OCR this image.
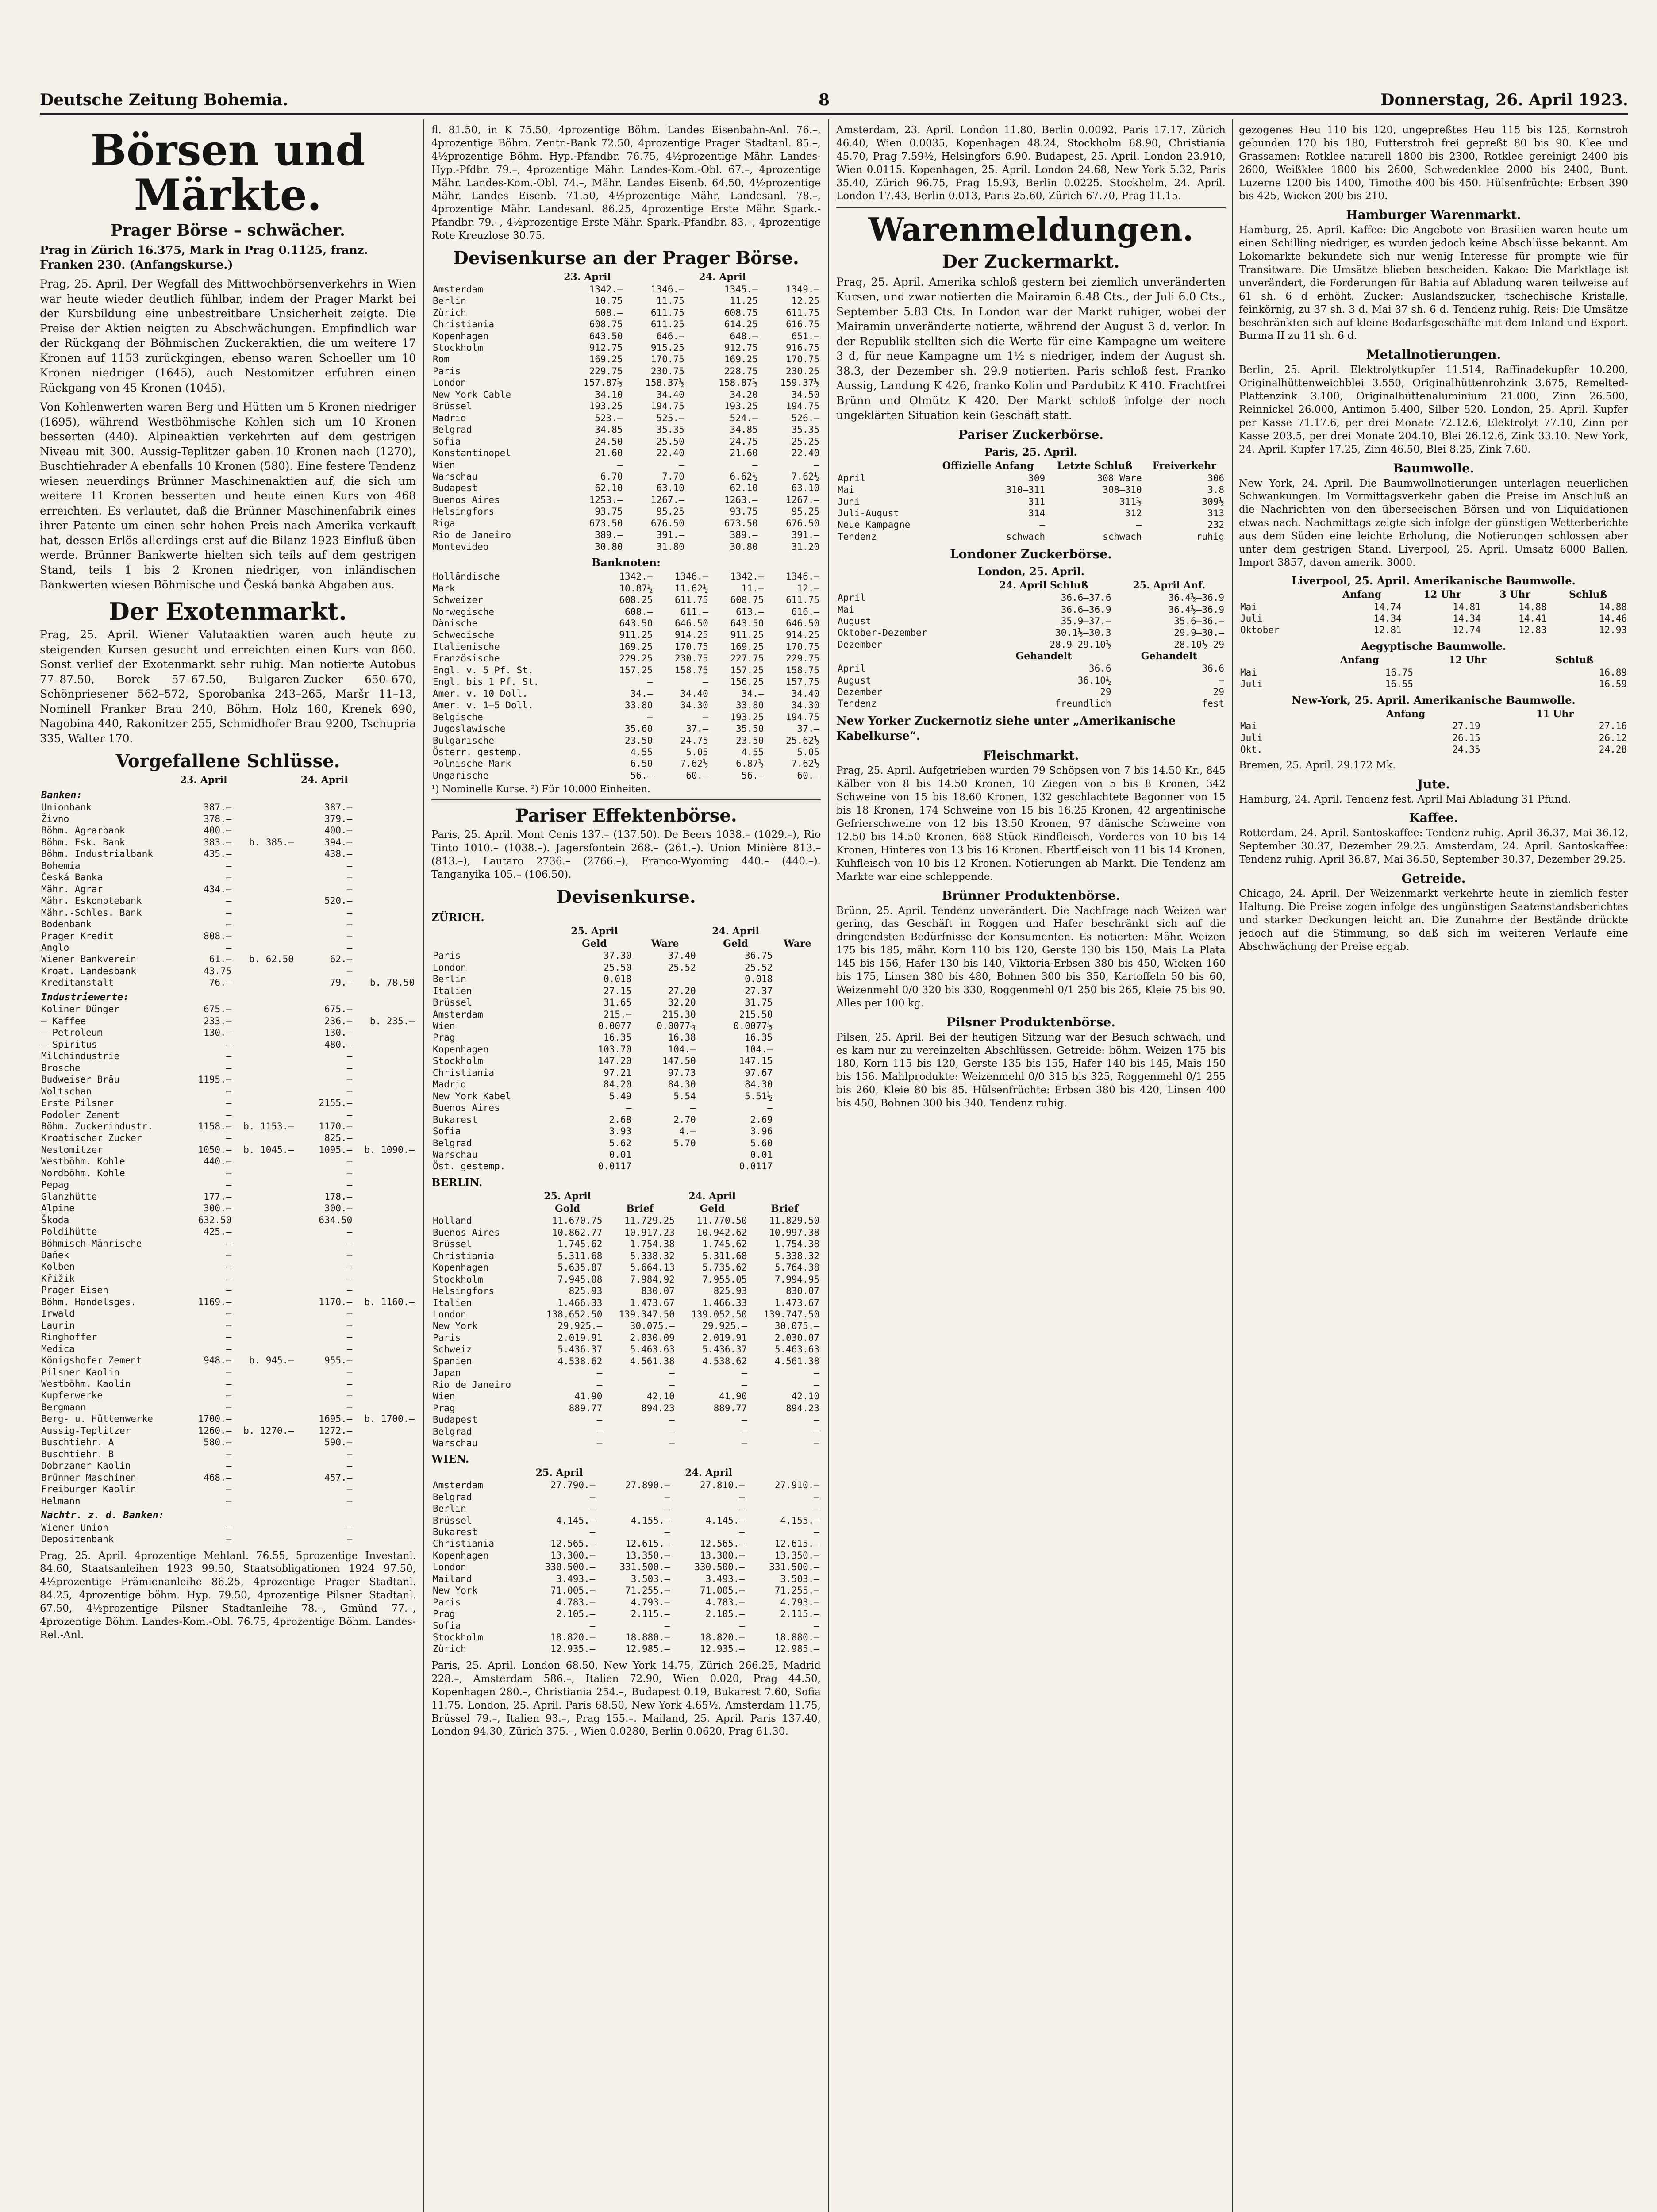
Deutsche Zeitung Bohemia.	8	Donnerstag, 26. April 1923.
Börsen und Märkte.
Prager Börse – schwächer.
Prag in Zürich 16.375, Mark in Prag 0.1125, franz. Franken 230. (Anfangskurse.)

Prag, 25. April. Der Wegfall des Mittwochbörsenverkehrs in Wien war heute wieder deutlich fühlbar, indem der Prager Markt bei der Kursbildung eine unbestreitbare Unsicherheit zeigte. Die Preise der Aktien neigten zu Abschwächungen. Empfindlich war der Rückgang der Böhmischen Zuckeraktien, die um weitere 17 Kronen auf 1153 zurückgingen, ebenso waren Schoeller um 10 Kronen niedriger (1645), auch Nestomitzer erfuhren einen Rückgang von 45 Kronen (1045).

Von Kohlenwerten waren Berg und Hütten um 5 Kronen niedriger (1695), während Westböhmische Kohlen sich um 10 Kronen besserten (440). Alpineaktien verkehrten auf dem gestrigen Niveau mit 300. Aussig-Teplitzer gaben 10 Kronen nach (1270), Buschtiehrader A ebenfalls 10 Kronen (580). Eine festere Tendenz wiesen neuerdings Brünner Maschinenaktien auf, die sich um weitere 11 Kronen besserten und heute einen Kurs von 468 erreichten. Es verlautet, daß die Brünner Maschinenfabrik eines ihrer Patente um einen sehr hohen Preis nach Amerika verkauft hat, dessen Erlös allerdings erst auf die Bilanz 1923 Einfluß üben werde. Brünner Bankwerte hielten sich teils auf dem gestrigen Stand, teils 1 bis 2 Kronen niedriger, von inländischen Bankwerten wiesen Böhmische und Česká banka Abgaben aus.

Der Exotenmarkt.

Prag, 25. April. Wiener Valutaaktien waren auch heute zu steigenden Kursen gesucht und erreichten einen Kurs von 860. Sonst verlief der Exotenmarkt sehr ruhig. Man notierte Autobus 77–87.50, Borek 57–67.50, Bulgaren-Zucker 650–670, Schönpriesener 562–572, Sporobanka 243–265, Maršr 11–13, Nominell Franker Brau 240, Böhm. Holz 160, Krenek 690, Nagobina 440, Rakonitzer 255, Schmidhofer Brau 9200, Tschupria 335, Walter 170.

Vorgefallene Schlüsse.
	23. April		24. April	
Banken:				
Unionbank	387.–		387.–	
Živno	378.–		379.–	
Böhm. Agrarbank	400.–		400.–	
Böhm. Esk. Bank	383.–	b. 385.–	394.–	
Böhm. Industrialbank	435.–		438.–	
Bohemia	–		–	
Česká Banka	–		–	
Mähr. Agrar	434.–		–	
Mähr. Eskomptebank	–		520.–	
Mähr.-Schles. Bank	–		–	
Bodenbank	–		–	
Prager Kredit	808.–		–	
Anglo	–		–	
Wiener Bankverein	61.–	b. 62.50	62.–	
Kroat. Landesbank	43.75		–	
Kreditanstalt	76.–		79.–	b. 78.50
Industriewerte:				
Koliner Dünger	675.–		675.–	
— Kaffee	233.–		236.–	b. 235.–
— Petroleum	130.–		130.–	
— Spiritus	–		480.–	
Milchindustrie	–		–	
Brosche	–		–	
Budweiser Bräu	1195.–		–	
Woltschan	–		–	
Erste Pilsner	–		2155.–	
Podoler Zement	–		–	
Böhm. Zuckerindustr.	1158.–	b. 1153.–	1170.–	
Kroatischer Zucker	–		825.–	
Nestomitzer	1050.–	b. 1045.–	1095.–	b. 1090.–
Westböhm. Kohle	440.–		–	
Nordböhm. Kohle	–		–	
Pepag	–		–	
Glanzhütte	177.–		178.–	
Alpine	300.–		300.–	
Škoda	632.50		634.50	
Poldihütte	425.–		–	
Böhmisch-Mährische	–		–	
Daňek	–		–	
Kolben	–		–	
Křižik	–		–	
Prager Eisen	–		–	
Böhm. Handelsges.	1169.–		1170.–	b. 1160.–
Irwald	–		–	
Laurin	–		–	
Ringhoffer	–		–	
Medica	–		–	
Königshofer Zement	948.–	b. 945.–	955.–	
Pilsner Kaolin	–		–	
Westböhm. Kaolin	–		–	
Kupferwerke	–		–	
Bergmann	–		–	
Berg- u. Hüttenwerke	1700.–		1695.–	b. 1700.–
Aussig-Teplitzer	1260.–	b. 1270.–	1272.–	
Buschtiehr. A	580.–		590.–	
Buschtiehr. B	–		–	
Dobrzaner Kaolin	–		–	
Brünner Maschinen	468.–		457.–	
Freiburger Kaolin	–		–	
Helmann	–		–	
Nachtr. z. d. Banken:				
Wiener Union	–		–	
Depositenbank	–		–	

Prag, 25. April. 4prozentige Mehlanl. 76.55, 5prozentige Investanl. 84.60, Staatsanleihen 1923 99.50, Staatsobligationen 1924 97.50, 4½prozentige Prämienanleihe 86.25, 4prozentige Prager Stadtanl. 84.25, 4prozentige böhm. Hyp. 79.50, 4prozentige Pilsner Stadtanl. 67.50, 4½prozentige Pilsner Stadtanleihe 78.–, Gmünd 77.–, 4prozentige Böhm. Landes-Kom.-Obl. 76.75, 4prozentige Böhm. Landes-Rel.-Anl.

fl. 81.50, in K 75.50, 4prozentige Böhm. Landes Eisenbahn-Anl. 76.–, 4prozentige Böhm. Zentr.-Bank 72.50, 4prozentige Prager Stadtanl. 85.–, 4½prozentige Böhm. Hyp.-Pfandbr. 76.75, 4½prozentige Mähr. Landes-Hyp.-Pfdbr. 79.–, 4prozentige Mähr. Landes-Kom.-Obl. 67.–, 4prozentige Mähr. Landes-Kom.-Obl. 74.–, Mähr. Landes Eisenb. 64.50, 4½prozentige Mähr. Landes Eisenb. 71.50, 4½prozentige Mähr. Landesanl. 78.–, 4prozentige Mähr. Landesanl. 86.25, 4prozentige Erste Mähr. Spark.-Pfandbr. 79.–, 4½prozentige Erste Mähr. Spark.-Pfandbr. 83.–, 4prozentige Rote Kreuzlose 30.75.

Devisenkurse an der Prager Börse.
	23. April		24. April	
Amsterdam	1342.–	1346.–	1345.–	1349.–
Berlin	10.75	11.75	11.25	12.25
Zürich	608.–	611.75	608.75	611.75
Christiania	608.75	611.25	614.25	616.75
Kopenhagen	643.50	646.–	648.–	651.–
Stockholm	912.75	915.25	912.75	916.75
Rom	169.25	170.75	169.25	170.75
Paris	229.75	230.75	228.75	230.25
London	157.87½	158.37½	158.87½	159.37½
New York Cable	34.10	34.40	34.20	34.50
Brüssel	193.25	194.75	193.25	194.75
Madrid	523.–	525.–	524.–	526.–
Belgrad	34.85	35.35	34.85	35.35
Sofia	24.50	25.50	24.75	25.25
Konstantinopel	21.60	22.40	21.60	22.40
Wien	–	–	–	–
Warschau	6.70	7.70	6.62½	7.62½
Budapest	62.10	63.10	62.10	63.10
Buenos Aires	1253.–	1267.–	1263.–	1267.–
Helsingfors	93.75	95.25	93.75	95.25
Riga	673.50	676.50	673.50	676.50
Rio de Janeiro	389.–	391.–	389.–	391.–
Montevideo	30.80	31.80	30.80	31.20
Banknoten:
Holländische	1342.–	1346.–	1342.–	1346.–
Mark	10.87½	11.62½	11.–	12.–
Schweizer	608.25	611.75	608.75	611.75
Norwegische	608.–	611.–	613.–	616.–
Dänische	643.50	646.50	643.50	646.50
Schwedische	911.25	914.25	911.25	914.25
Italienische	169.25	170.75	169.25	170.75
Französische	229.25	230.75	227.75	229.75
Engl. v. 5 Pf. St.	157.25	158.75	157.25	158.75
Engl. bis 1 Pf. St.	–	–	156.25	157.75
Amer. v. 10 Doll.	34.–	34.40	34.–	34.40
Amer. v. 1–5 Doll.	33.80	34.30	33.80	34.30
Belgische	–	–	193.25	194.75
Jugoslawische	35.60	37.–	35.50	37.–
Bulgarische	23.50	24.75	23.50	25.62½
Österr. gestemp.	4.55	5.05	4.55	5.05
Polnische Mark	6.50	7.62½	6.87½	7.62½
Ungarische	56.–	60.–	56.–	60.–
¹) Nominelle Kurse. ²) Für 10.000 Einheiten.
Pariser Effektenbörse.

Paris, 25. April. Mont Cenis 137.– (137.50). De Beers 1038.– (1029.–), Rio Tinto 1010.– (1038.–). Jagersfontein 268.– (261.–). Union Minière 813.– (813.–), Lautaro 2736.– (2766.–), Franco-Wyoming 440.– (440.–). Tanganyika 105.– (106.50).

Devisenkurse.
ZÜRICH.
	25. April		24. April	
	Geld	Ware	Geld	Ware
Paris	37.30	37.40	36.75	
London	25.50	25.52	25.52	
Berlin	0.018		0.018	
Italien	27.15	27.20	27.37	
Brüssel	31.65	32.20	31.75	
Amsterdam	215.–	215.30	215.50	
Wien	0.0077	0.0077¼	0.0077½	
Prag	16.35	16.38	16.35	
Kopenhagen	103.70	104.–	104.–	
Stockholm	147.20	147.50	147.15	
Christiania	97.21	97.73	97.67	
Madrid	84.20	84.30	84.30	
New York Kabel	5.49	5.54	5.51½	
Buenos Aires	–	–	–	
Bukarest	2.68	2.70	2.69	
Sofia	3.93	4.–	3.96	
Belgrad	5.62	5.70	5.60	
Warschau	0.01		0.01	
Öst. gestemp.	0.0117		0.0117	
BERLIN.
	25. April		24. April	
	Gold	Brief	Geld	Brief
Holland	11.670.75	11.729.25	11.770.50	11.829.50
Buenos Aires	10.862.77	10.917.23	10.942.62	10.997.38
Brüssel	1.745.62	1.754.38	1.745.62	1.754.38
Christiania	5.311.68	5.338.32	5.311.68	5.338.32
Kopenhagen	5.635.87	5.664.13	5.735.62	5.764.38
Stockholm	7.945.08	7.984.92	7.955.05	7.994.95
Helsingfors	825.93	830.07	825.93	830.07
Italien	1.466.33	1.473.67	1.466.33	1.473.67
London	138.652.50	139.347.50	139.052.50	139.747.50
New York	29.925.–	30.075.–	29.925.–	30.075.–
Paris	2.019.91	2.030.09	2.019.91	2.030.07
Schweiz	5.436.37	5.463.63	5.436.37	5.463.63
Spanien	4.538.62	4.561.38	4.538.62	4.561.38
Japan	–	–	–	–
Rio de Janeiro	–	–	–	–
Wien	41.90	42.10	41.90	42.10
Prag	889.77	894.23	889.77	894.23
Budapest	–	–	–	–
Belgrad	–	–	–	–
Warschau	–	–	–	–
WIEN.
	25. April		24. April	
Amsterdam	27.790.–	27.890.–	27.810.–	27.910.–
Belgrad	–	–	–	–
Berlin	–	–	–	–
Brüssel	4.145.–	4.155.–	4.145.–	4.155.–
Bukarest	–	–	–	–
Christiania	12.565.–	12.615.–	12.565.–	12.615.–
Kopenhagen	13.300.–	13.350.–	13.300.–	13.350.–
London	330.500.–	331.500.–	330.500.–	331.500.–
Mailand	3.493.–	3.503.–	3.493.–	3.503.–
New York	71.005.–	71.255.–	71.005.–	71.255.–
Paris	4.783.–	4.793.–	4.783.–	4.793.–
Prag	2.105.–	2.115.–	2.105.–	2.115.–
Sofia	–	–	–	–
Stockholm	18.820.–	18.880.–	18.820.–	18.880.–
Zürich	12.935.–	12.985.–	12.935.–	12.985.–

Paris, 25. April. London 68.50, New York 14.75, Zürich 266.25, Madrid 228.–, Amsterdam 586.–, Italien 72.90, Wien 0.020, Prag 44.50, Kopenhagen 280.–, Christiania 254.–, Budapest 0.19, Bukarest 7.60, Sofia 11.75. London, 25. April. Paris 68.50, New York 4.65½, Amsterdam 11.75, Brüssel 79.–, Italien 93.–, Prag 155.–. Mailand, 25. April. Paris 137.40, London 94.30, Zürich 375.–, Wien 0.0280, Berlin 0.0620, Prag 61.30.

Amsterdam, 23. April. London 11.80, Berlin 0.0092, Paris 17.17, Zürich 46.40, Wien 0.0035, Kopenhagen 48.24, Stockholm 68.90, Christiania 45.70, Prag 7.59½, Helsingfors 6.90. Budapest, 25. April. London 23.910, Wien 0.0115. Kopenhagen, 25. April. London 24.68, New York 5.32, Paris 35.40, Zürich 96.75, Prag 15.93, Berlin 0.0225. Stockholm, 24. April. London 17.43, Berlin 0.013, Paris 25.60, Zürich 67.70, Prag 11.15.

Warenmeldungen.
Der Zuckermarkt.

Prag, 25. April. Amerika schloß gestern bei ziemlich unveränderten Kursen, und zwar notierten die Mairamin 6.48 Cts., der Juli 6.0 Cts., September 5.83 Cts. In London war der Markt ruhiger, wobei der Mairamin unveränderte notierte, während der August 3 d. verlor. In der Republik stellten sich die Werte für eine Kampagne um weitere 3 d, für neue Kampagne um 1½ s niedriger, indem der August sh. 38.3, der Dezember sh. 29.9 notierten. Paris schloß fest. Franko Aussig, Landung K 426, franko Kolin und Pardubitz K 410. Frachtfrei Brünn und Olmütz K 420. Der Markt schloß infolge der noch ungeklärten Situation kein Geschäft statt.

Pariser Zuckerbörse.
Paris, 25. April.
	Offizielle Anfang	Letzte Schluß	Freiverkehr
April	309	308 Ware	306
Mai	310–311	308–310	3.8
Juni	311	311½	309½
Juli-August	314	312	313
Neue Kampagne	–	–	232
Tendenz	schwach	schwach	ruhig
Londoner Zuckerbörse.
London, 25. April.
	24. April Schluß	25. April Anf.
April	36.6–37.6	36.4½–36.9
Mai	36.6–36.9	36.4½–36.9
August	35.9–37.–	35.6–36.–
Oktober-Dezember	30.1½–30.3	29.9–30.–
Dezember	28.9–29.10½	28.10½–29
	Gehandelt	Gehandelt
April	36.6	36.6
August	36.10½	–
Dezember	29	29
Tendenz	freundlich	fest
New Yorker Zuckernotiz siehe unter „Amerikanische Kabelkurse“.
Fleischmarkt.

Prag, 25. April. Aufgetrieben wurden 79 Schöpsen von 7 bis 14.50 Kr., 845 Kälber von 8 bis 14.50 Kronen, 10 Ziegen von 5 bis 8 Kronen, 342 Schweine von 15 bis 18.60 Kronen, 132 geschlachtete Bagonner von 15 bis 18 Kronen, 174 Schweine von 15 bis 16.25 Kronen, 42 argentinische Gefrierschweine von 12 bis 13.50 Kronen, 97 dänische Schweine von 12.50 bis 14.50 Kronen, 668 Stück Rindfleisch, Vorderes von 10 bis 14 Kronen, Hinteres von 13 bis 16 Kronen. Ebertfleisch von 11 bis 14 Kronen, Kuhfleisch von 10 bis 12 Kronen. Notierungen ab Markt. Die Tendenz am Markte war eine schleppende.

Brünner Produktenbörse.

Brünn, 25. April. Tendenz unverändert. Die Nachfrage nach Weizen war gering, das Geschäft in Roggen und Hafer beschränkt sich auf die dringendsten Bedürfnisse der Konsumenten. Es notierten: Mähr. Weizen 175 bis 185, mähr. Korn 110 bis 120, Gerste 130 bis 150, Mais La Plata 145 bis 156, Hafer 130 bis 140, Viktoria-Erbsen 380 bis 450, Wicken 160 bis 175, Linsen 380 bis 480, Bohnen 300 bis 350, Kartoffeln 50 bis 60, Weizenmehl 0/0 320 bis 330, Roggenmehl 0/1 250 bis 265, Kleie 75 bis 90. Alles per 100 kg.

Pilsner Produktenbörse.

Pilsen, 25. April. Bei der heutigen Sitzung war der Besuch schwach, und es kam nur zu vereinzelten Abschlüssen. Getreide: böhm. Weizen 175 bis 180, Korn 115 bis 120, Gerste 135 bis 155, Hafer 140 bis 145, Mais 150 bis 156. Mahlprodukte: Weizenmehl 0/0 315 bis 325, Roggenmehl 0/1 255 bis 260, Kleie 80 bis 85. Hülsenfrüchte: Erbsen 380 bis 420, Linsen 400 bis 450, Bohnen 300 bis 340. Tendenz ruhig.

gezogenes Heu 110 bis 120, ungepreßtes Heu 115 bis 125, Kornstroh gebunden 170 bis 180, Futterstroh frei gepreßt 80 bis 90. Klee und Grassamen: Rotklee naturell 1800 bis 2300, Rotklee gereinigt 2400 bis 2600, Weißklee 1800 bis 2600, Schwedenklee 2000 bis 2400, Bunt. Luzerne 1200 bis 1400, Timothe 400 bis 450. Hülsenfrüchte: Erbsen 390 bis 425, Wicken 200 bis 210.

Hamburger Warenmarkt.

Hamburg, 25. April. Kaffee: Die Angebote von Brasilien waren heute um einen Schilling niedriger, es wurden jedoch keine Abschlüsse bekannt. Am Lokomarkte bekundete sich nur wenig Interesse für prompte wie für Transitware. Die Umsätze blieben bescheiden. Kakao: Die Marktlage ist unverändert, die Forderungen für Bahia auf Abladung waren teilweise auf 61 sh. 6 d erhöht. Zucker: Auslandszucker, tschechische Kristalle, feinkörnig, zu 37 sh. 3 d. Mai 37 sh. 6 d. Tendenz ruhig. Reis: Die Umsätze beschränkten sich auf kleine Bedarfsgeschäfte mit dem Inland und Export. Burma II zu 11 sh. 6 d.

Metallnotierungen.

Berlin, 25. April. Elektrolytkupfer 11.514, Raffinadekupfer 10.200, Originalhüttenweichblei 3.550, Originalhüttenrohzink 3.675, Remelted-Plattenzink 3.100, Originalhüttenaluminium 21.000, Zinn 26.500, Reinnickel 26.000, Antimon 5.400, Silber 520. London, 25. April. Kupfer per Kasse 71.17.6, per drei Monate 72.12.6, Elektrolyt 77.10, Zinn per Kasse 203.5, per drei Monate 204.10, Blei 26.12.6, Zink 33.10. New York, 24. April. Kupfer 17.25, Zinn 46.50, Blei 8.25, Zink 7.60.

Baumwolle.

New York, 24. April. Die Baumwollnotierungen unterlagen neuerlichen Schwankungen. Im Vormittagsverkehr gaben die Preise im Anschluß an die Nachrichten von den überseeischen Börsen und von Liquidationen etwas nach. Nachmittags zeigte sich infolge der günstigen Wetterberichte aus dem Süden eine leichte Erholung, die Notierungen schlossen aber unter dem gestrigen Stand. Liverpool, 25. April. Umsatz 6000 Ballen, Import 3857, davon amerik. 3000.

Liverpool, 25. April. Amerikanische Baumwolle.
	Anfang	12 Uhr	3 Uhr	Schluß
Mai	14.74	14.81	14.88	14.88
Juli	14.34	14.34	14.41	14.46
Oktober	12.81	12.74	12.83	12.93
Aegyptische Baumwolle.
	Anfang	12 Uhr	Schluß
Mai	16.75		16.89
Juli	16.55		16.59
New-York, 25. April. Amerikanische Baumwolle.
	Anfang	11 Uhr
Mai	27.19	27.16
Juli	26.15	26.12
Okt.	24.35	24.28

Bremen, 25. April. 29.172 Mk.

Jute.

Hamburg, 24. April. Tendenz fest. April Mai Abladung 31 Pfund.

Kaffee.

Rotterdam, 24. April. Santoskaffee: Tendenz ruhig. April 36.37, Mai 36.12, September 30.37, Dezember 29.25. Amsterdam, 24. April. Santoskaffee: Tendenz ruhig. April 36.87, Mai 36.50, September 30.37, Dezember 29.25.

Getreide.

Chicago, 24. April. Der Weizenmarkt verkehrte heute in ziemlich fester Haltung. Die Preise zogen infolge des ungünstigen Saatenstandsberichtes und starker Deckungen leicht an. Die Zunahme der Bestände drückte jedoch auf die Stimmung, so daß sich im weiteren Verlaufe eine Abschwächung der Preise ergab.
